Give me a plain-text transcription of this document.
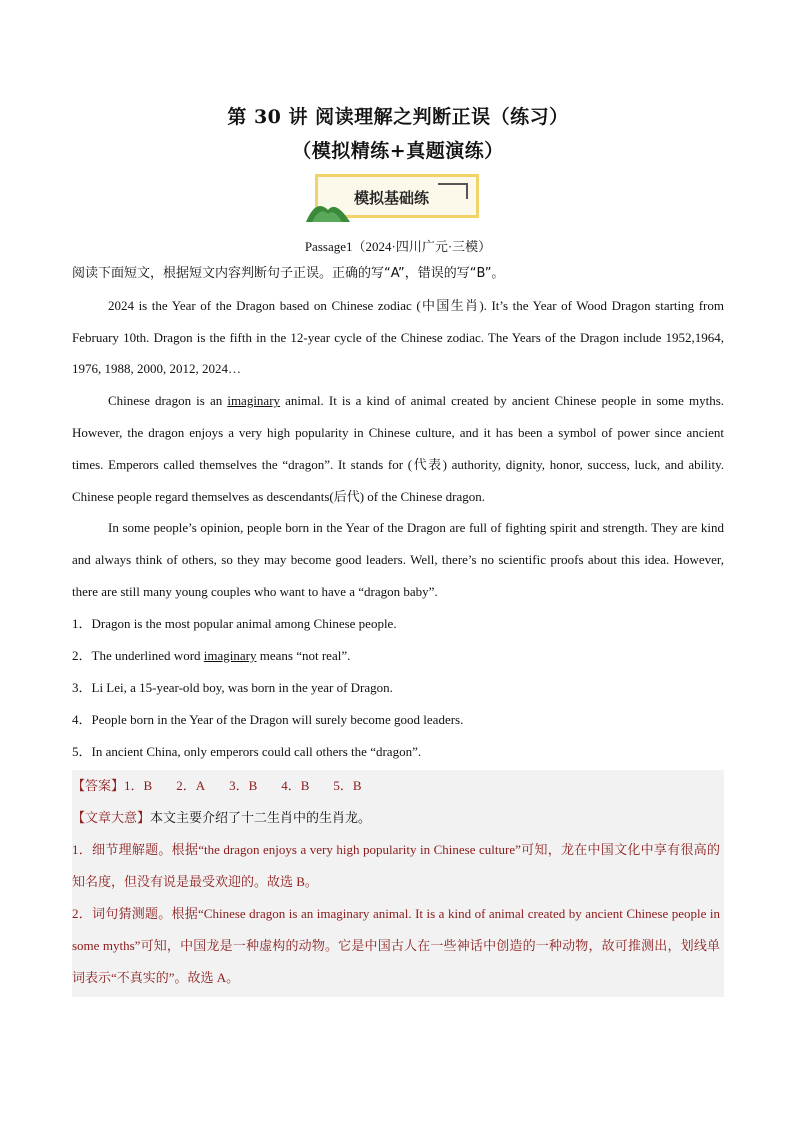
第 30 讲 阅读理解之判断正误（练习）
（模拟精练+真题演练）
模拟基础练
Passage1（2024·四川广元·三模）

阅读下面短文，根据短文内容判断句子正误。正确的写“A”，错误的写“B”。

2024 is the Year of the Dragon based on Chinese zodiac (中国生肖). It’s the Year of Wood Dragon starting from February 10th. Dragon is the fifth in the 12-year cycle of the Chinese zodiac. The Years of the Dragon include 1952,1964, 1976, 1988, 2000, 2012, 2024…

Chinese dragon is an imaginary animal. It is a kind of animal created by ancient Chinese people in some myths. However, the dragon enjoys a very high popularity in Chinese culture, and it has been a symbol of power since ancient times. Emperors called themselves the “dragon”. It stands for (代表) authority, dignity, honor, success, luck, and ability. Chinese people regard themselves as descendants(后代) of the Chinese dragon.

In some people’s opinion, people born in the Year of the Dragon are full of fighting spirit and strength. They are kind and always think of others, so they may become good leaders. Well, there’s no scientific proofs about this idea. However, there are still many young couples who want to have a “dragon baby”.

1．Dragon is the most popular animal among Chinese people.

2．The underlined word imaginary means “not real”.

3．Li Lei, a 15-year-old boy, was born in the year of Dragon.

4．People born in the Year of the Dragon will surely become good leaders.

5．In ancient China, only emperors could call others the “dragon”.

【答案】1．B 2．A 3．B 4．B 5．B
【文章大意】本文主要介绍了十二生肖中的生肖龙。
1．细节理解题。根据“the dragon enjoys a very high popularity in Chinese culture”可知，龙在中国文化中享有很高的知名度，但没有说是最受欢迎的。故选 B。
2．词句猜测题。根据“Chinese dragon is an imaginary animal. It is a kind of animal created by ancient Chinese people in some myths”可知，中国龙是一种虚构的动物。它是中国古人在一些神话中创造的一种动物，故可推测出，划线单词表示“不真实的”。故选 A。
